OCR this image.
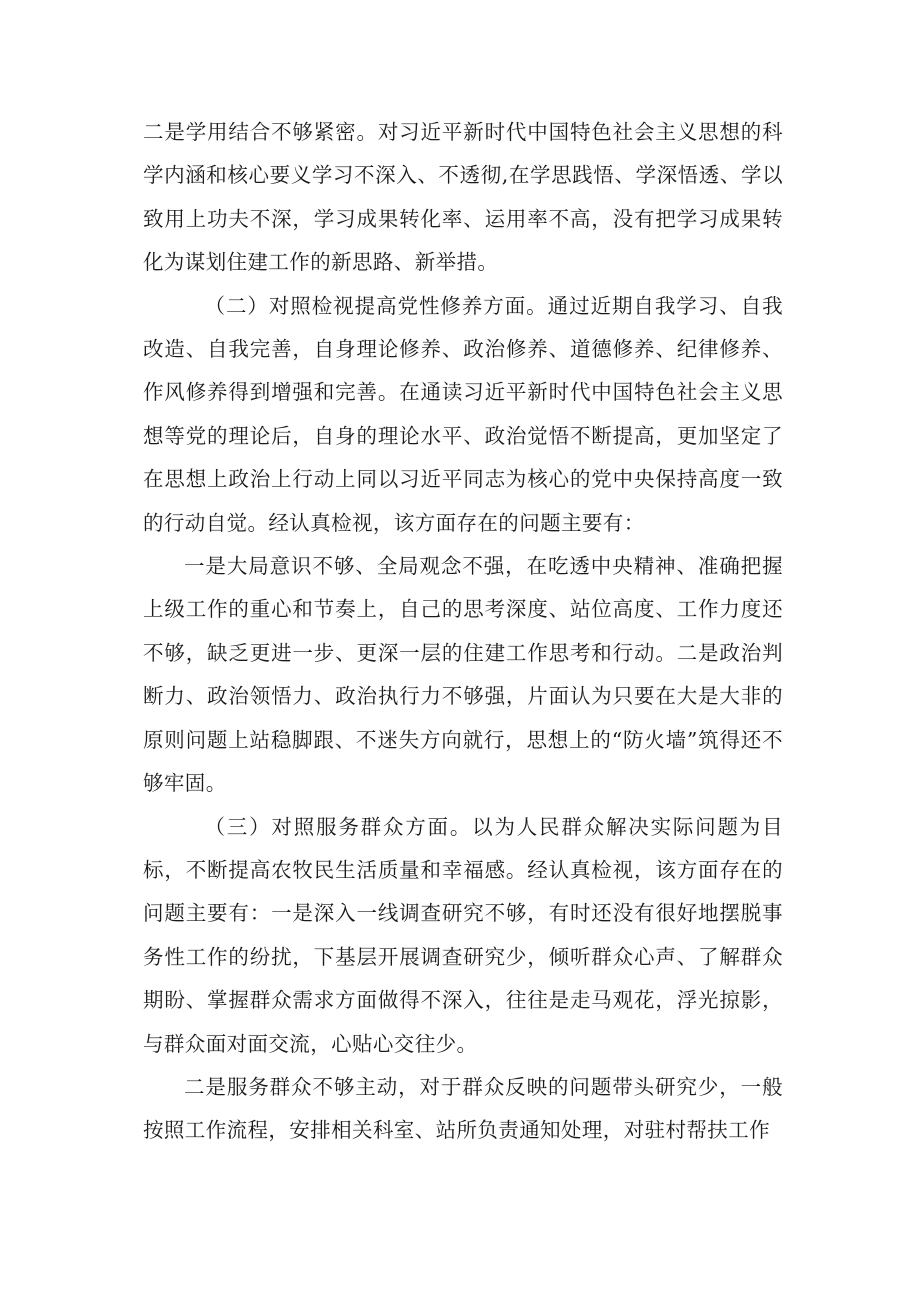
二是学用结合不够紧密。对习近平新时代中国特色社会主义思想的科学内涵和核心要义学习不深入、不透彻,在学思践悟、学深悟透、学以致用上功夫不深，学习成果转化率、运用率不高，没有把学习成果转化为谋划住建工作的新思路、新举措。

（二）对照检视提高党性修养方面。通过近期自我学习、自我改造、自我完善，自身理论修养、政治修养、道德修养、纪律修养、作风修养得到增强和完善。在通读习近平新时代中国特色社会主义思想等党的理论后，自身的理论水平、政治觉悟不断提高，更加坚定了在思想上政治上行动上同以习近平同志为核心的党中央保持高度一致的行动自觉。经认真检视，该方面存在的问题主要有：

一是大局意识不够、全局观念不强，在吃透中央精神、准确把握上级工作的重心和节奏上，自己的思考深度、站位高度、工作力度还不够，缺乏更进一步、更深一层的住建工作思考和行动。二是政治判断力、政治领悟力、政治执行力不够强，片面认为只要在大是大非的原则问题上站稳脚跟、不迷失方向就行，思想上的“防火墙”筑得还不够牢固。

（三）对照服务群众方面。以为人民群众解决实际问题为目标，不断提高农牧民生活质量和幸福感。经认真检视，该方面存在的问题主要有：一是深入一线调查研究不够，有时还没有很好地摆脱事务性工作的纷扰，下基层开展调查研究少，倾听群众心声、了解群众期盼、掌握群众需求方面做得不深入，往往是走马观花，浮光掠影，与群众面对面交流，心贴心交往少。

二是服务群众不够主动，对于群众反映的问题带头研究少，一般按照工作流程，安排相关科室、站所负责通知处理，对驻村帮扶工作
